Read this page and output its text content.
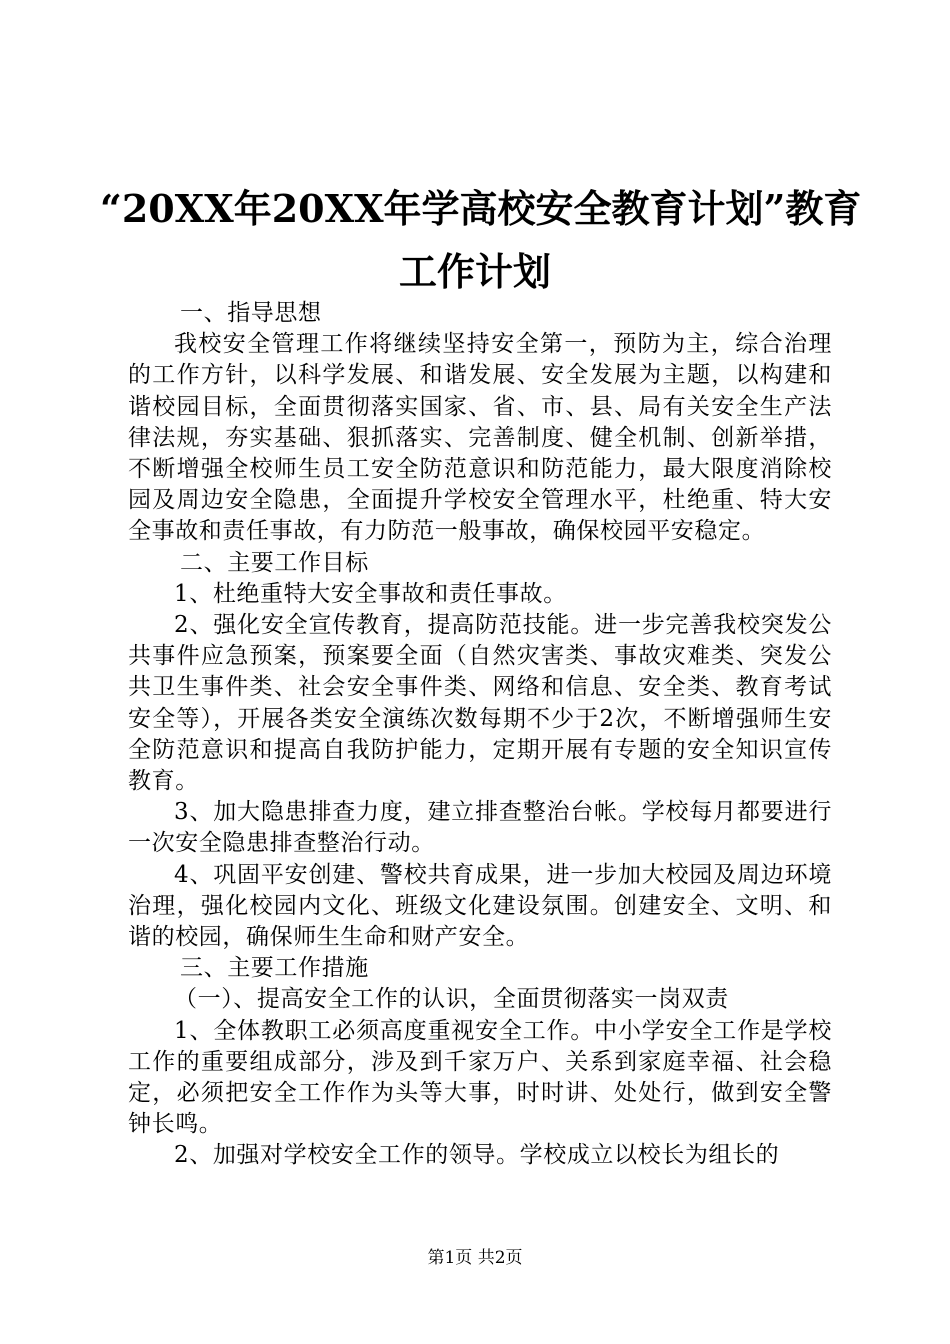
“20XX年20XX年学高校安全教育计划”教育
工作计划

一、指导思想

我校安全管理工作将继续坚持安全第一，预防为主，综合治理的工作方针，以科学发展、和谐发展、安全发展为主题，以构建和谐校园目标，全面贯彻落实国家、省、市、县、局有关安全生产法律法规，夯实基础、狠抓落实、完善制度、健全机制、创新举措，不断增强全校师生员工安全防范意识和防范能力，最大限度消除校园及周边安全隐患，全面提升学校安全管理水平，杜绝重、特大安全事故和责任事故，有力防范一般事故，确保校园平安稳定。

二、主要工作目标

1、杜绝重特大安全事故和责任事故。

2、强化安全宣传教育，提高防范技能。进一步完善我校突发公共事件应急预案，预案要全面（自然灾害类、事故灾难类、突发公共卫生事件类、社会安全事件类、网络和信息、安全类、教育考试安全等），开展各类安全演练次数每期不少于2次，不断增强师生安全防范意识和提高自我防护能力，定期开展有专题的安全知识宣传教育。

3、加大隐患排查力度，建立排查整治台帐。学校每月都要进行一次安全隐患排查整治行动。

4、巩固平安创建、警校共育成果，进一步加大校园及周边环境治理，强化校园内文化、班级文化建设氛围。创建安全、文明、和谐的校园，确保师生生命和财产安全。

三、主要工作措施

（一）、提高安全工作的认识，全面贯彻落实一岗双责

1、全体教职工必须高度重视安全工作。中小学安全工作是学校工作的重要组成部分，涉及到千家万户、关系到家庭幸福、社会稳定，必须把安全工作作为头等大事，时时讲、处处行，做到安全警钟长鸣。

2、加强对学校安全工作的领导。学校成立以校长为组长的

第1页 共2页
